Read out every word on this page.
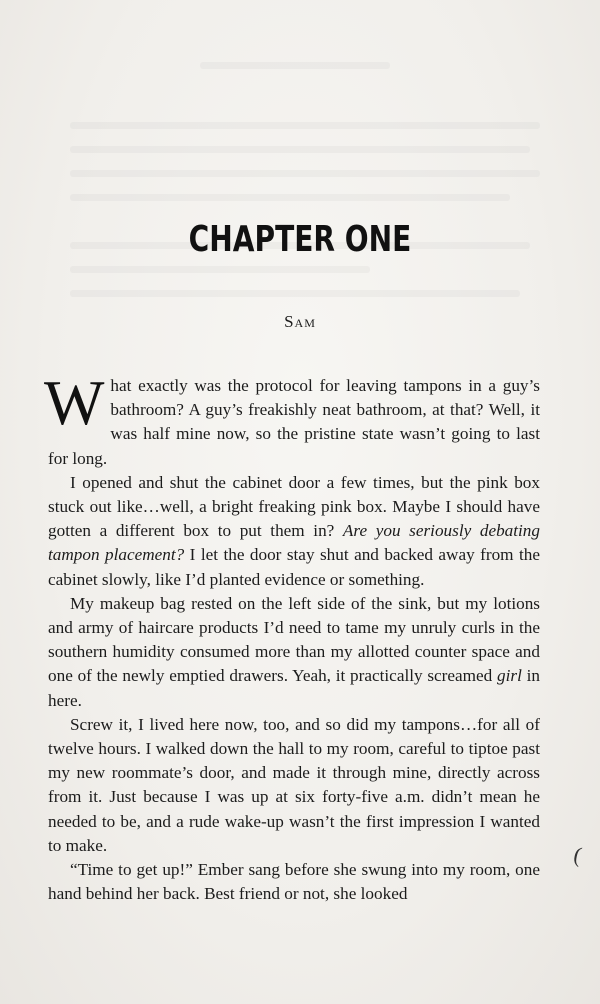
CHAPTER ONE
Sam

What exactly was the protocol for leaving tampons in a guy’s bathroom? A guy’s freakishly neat bathroom, at that? Well, it was half mine now, so the pristine state wasn’t going to last for long.

I opened and shut the cabinet door a few times, but the pink box stuck out like…well, a bright freaking pink box. Maybe I should have gotten a different box to put them in? Are you seriously debating tampon placement? I let the door stay shut and backed away from the cabinet slowly, like I’d planted evidence or something.

My makeup bag rested on the left side of the sink, but my lotions and army of haircare products I’d need to tame my unruly curls in the southern humidity consumed more than my allotted counter space and one of the newly emptied drawers. Yeah, it practically screamed girl in here.

Screw it, I lived here now, too, and so did my tampons…for all of twelve hours. I walked down the hall to my room, careful to tiptoe past my new roommate’s door, and made it through mine, directly across from it. Just because I was up at six forty-five a.m. didn’t mean he needed to be, and a rude wake-up wasn’t the first impression I wanted to make.

“Time to get up!” Ember sang before she swung into my room, one hand behind her back. Best friend or not, she looked

(
